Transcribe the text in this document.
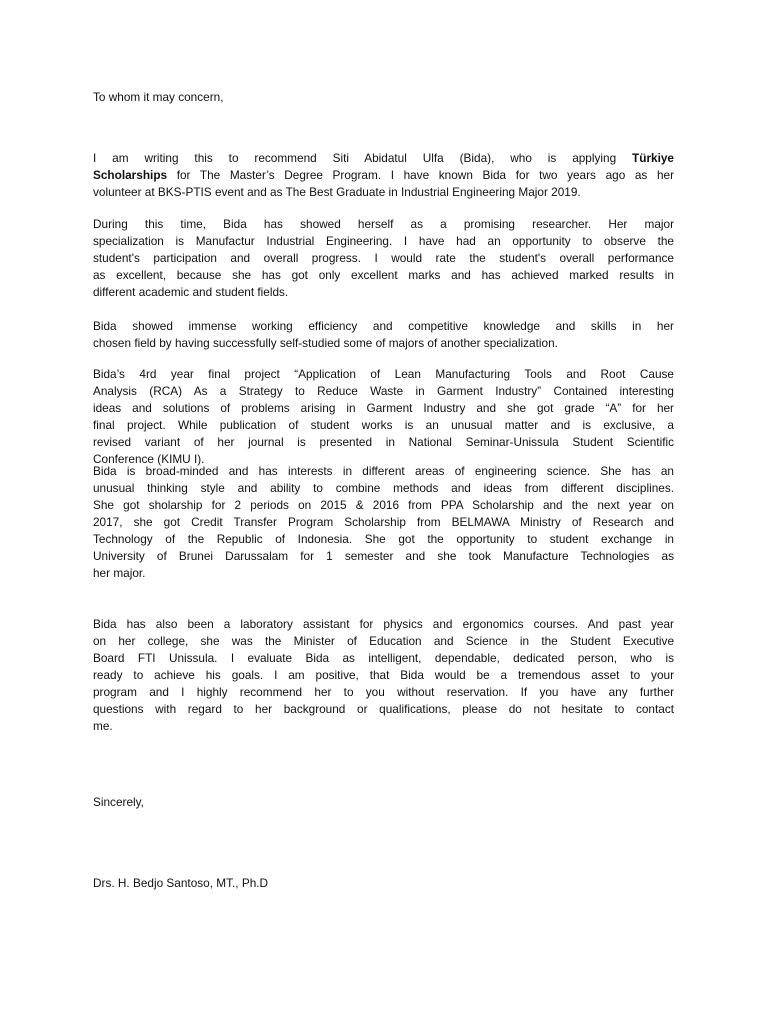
To whom it may concern,
I am writing this to recommend Siti Abidatul Ulfa (Bida), who is applying Türkiye
Scholarships for The Master’s Degree Program. I have known Bida for two years ago as her
volunteer at BKS-PTIS event and as The Best Graduate in Industrial Engineering Major 2019.
During this time, Bida has showed herself as a promising researcher. Her major
specialization is Manufactur Industrial Engineering. I have had an opportunity to observe the
student's participation and overall progress. I would rate the student's overall performance
as excellent, because she has got only excellent marks and has achieved marked results in
different academic and student fields.
Bida showed immense working efficiency and competitive knowledge and skills in her
chosen field by having successfully self-studied some of majors of another specialization.
Bida’s 4rd year final project “Application of Lean Manufacturing Tools and Root Cause
Analysis (RCA) As a Strategy to Reduce Waste in Garment Industry” Contained interesting
ideas and solutions of problems arising in Garment Industry and she got grade “A” for her
final project. While publication of student works is an unusual matter and is exclusive, a
revised variant of her journal is presented in National Seminar-Unissula Student Scientific
Conference (KIMU I).
Bida is broad-minded and has interests in different areas of engineering science. She has an
unusual thinking style and ability to combine methods and ideas from different disciplines.
She got sholarship for 2 periods on 2015 & 2016 from PPA Scholarship and the next year on
2017, she got Credit Transfer Program Scholarship from BELMAWA Ministry of Research and
Technology of the Republic of Indonesia. She got the opportunity to student exchange in
University of Brunei Darussalam for 1 semester and she took Manufacture Technologies as
her major.
Bida has also been a laboratory assistant for physics and ergonomics courses. And past year
on her college, she was the Minister of Education and Science in the Student Executive
Board FTI Unissula. I evaluate Bida as intelligent, dependable, dedicated person, who is
ready to achieve his goals. I am positive, that Bida would be a tremendous asset to your
program and I highly recommend her to you without reservation. If you have any further
questions with regard to her background or qualifications, please do not hesitate to contact
me.
Sincerely,
Drs. H. Bedjo Santoso, MT., Ph.D
